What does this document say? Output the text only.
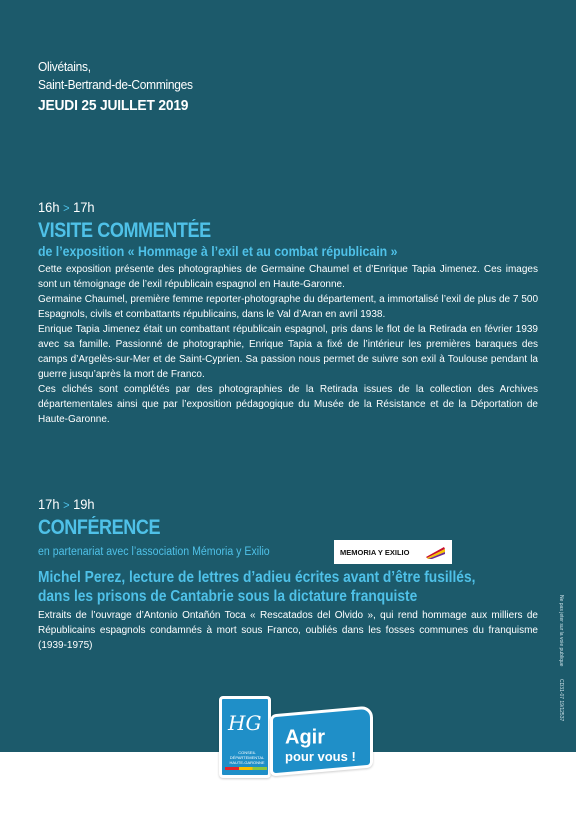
Olivétains,
Saint-Bertrand-de-Comminges
JEUDI 25 JUILLET 2019
16h > 17h
VISITE COMMENTÉE
de l’exposition « Hommage à l’exil et au combat républicain »

Cette exposition présente des photographies de Germaine Chaumel et d’Enrique Tapia Jimenez. Ces images sont un témoignage de l’exil républicain espagnol en Haute-Garonne.

Germaine Chaumel, première femme reporter-photographe du département, a immortalisé l’exil de plus de 7 500 Espagnols, civils et combattants républicains, dans le Val d’Aran en avril 1938.

Enrique Tapia Jimenez était un combattant républicain espagnol, pris dans le flot de la Retirada en février 1939 avec sa famille. Passionné de photographie, Enrique Tapia a fixé de l’intérieur les premières baraques des camps d’Argelès-sur-Mer et de Saint-Cyprien. Sa passion nous permet de suivre son exil à Toulouse pendant la guerre jusqu’après la mort de Franco.

Ces clichés sont complétés par des photographies de la Retirada issues de la collection des Archives départementales ainsi que par l’exposition pédagogique du Musée de la Résistance et de la Déportation de Haute-Garonne.

17h > 19h
CONFÉRENCE
en partenariat avec l’association Mémoria y Exilio	MEMORIA Y EXILIO
Michel Perez, lecture de lettres d’adieu écrites avant d’être fusillés,
dans les prisons de Cantabrie sous la dictature franquiste
Extraits de l’ouvrage d’Antonio Ontañón Toca « Rescatados del Olvido », qui rend hommage aux milliers de Républicains espagnols condamnés à mort sous Franco, oubliés dans les fosses communes du franquisme (1939-1975)	Ne pas jeter sur la voie publique
CD31-07 19/12537
HG
CONSEIL DÉPARTEMENTAL HAUTE-GARONNE
Agir
pour vous !
